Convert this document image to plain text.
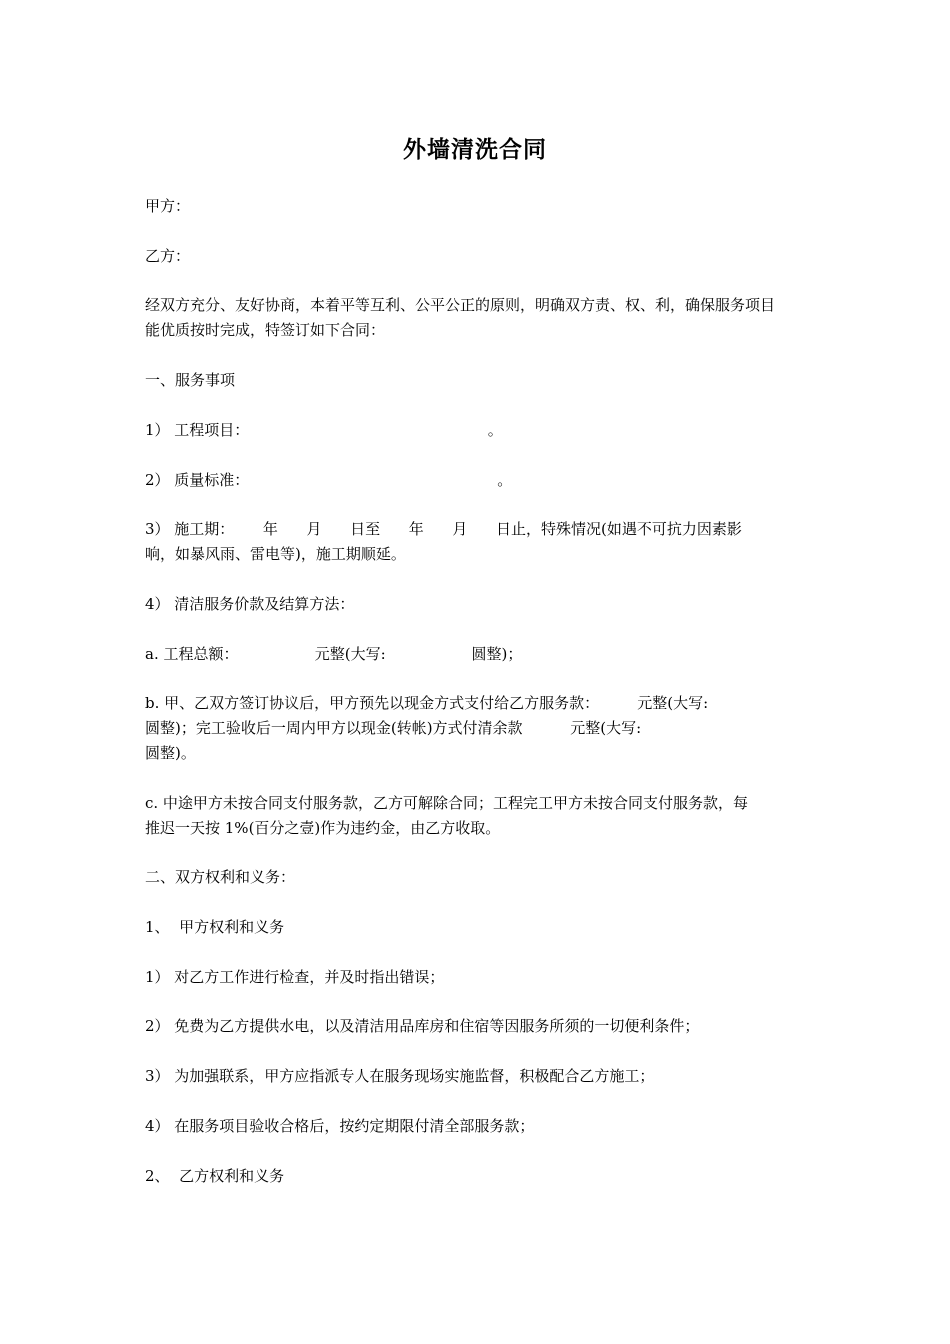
外墙清洗合同
甲方：
乙方：
经双方充分、友好协商，本着平等互利、公平公正的原则，明确双方责、权、利，确保服务项目
能优质按时完成，特签订如下合同：
一、服务事项
1） 工程项目：                                                  。
2） 质量标准：                                                    。
3） 施工期：      年      月      日至      年      月      日止，特殊情况(如遇不可抗力因素影
响，如暴风雨、雷电等)，施工期顺延。
4） 清洁服务价款及结算方法：
a. 工程总额：                元整(大写:                  圆整)；
b. 甲、乙双方签订协议后，甲方预先以现金方式支付给乙方服务款：        元整(大写:
圆整)；完工验收后一周内甲方以现金(转帐)方式付清余款          元整(大写:
圆整)。
c. 中途甲方未按合同支付服务款，乙方可解除合同；工程完工甲方未按合同支付服务款，每
推迟一天按 1%(百分之壹)作为违约金，由乙方收取。
二、双方权利和义务：
1、  甲方权利和义务
1） 对乙方工作进行检查，并及时指出错误；
2） 免费为乙方提供水电，以及清洁用品库房和住宿等因服务所须的一切便利条件；
3） 为加强联系，甲方应指派专人在服务现场实施监督，积极配合乙方施工；
4） 在服务项目验收合格后，按约定期限付清全部服务款；
2、  乙方权利和义务
